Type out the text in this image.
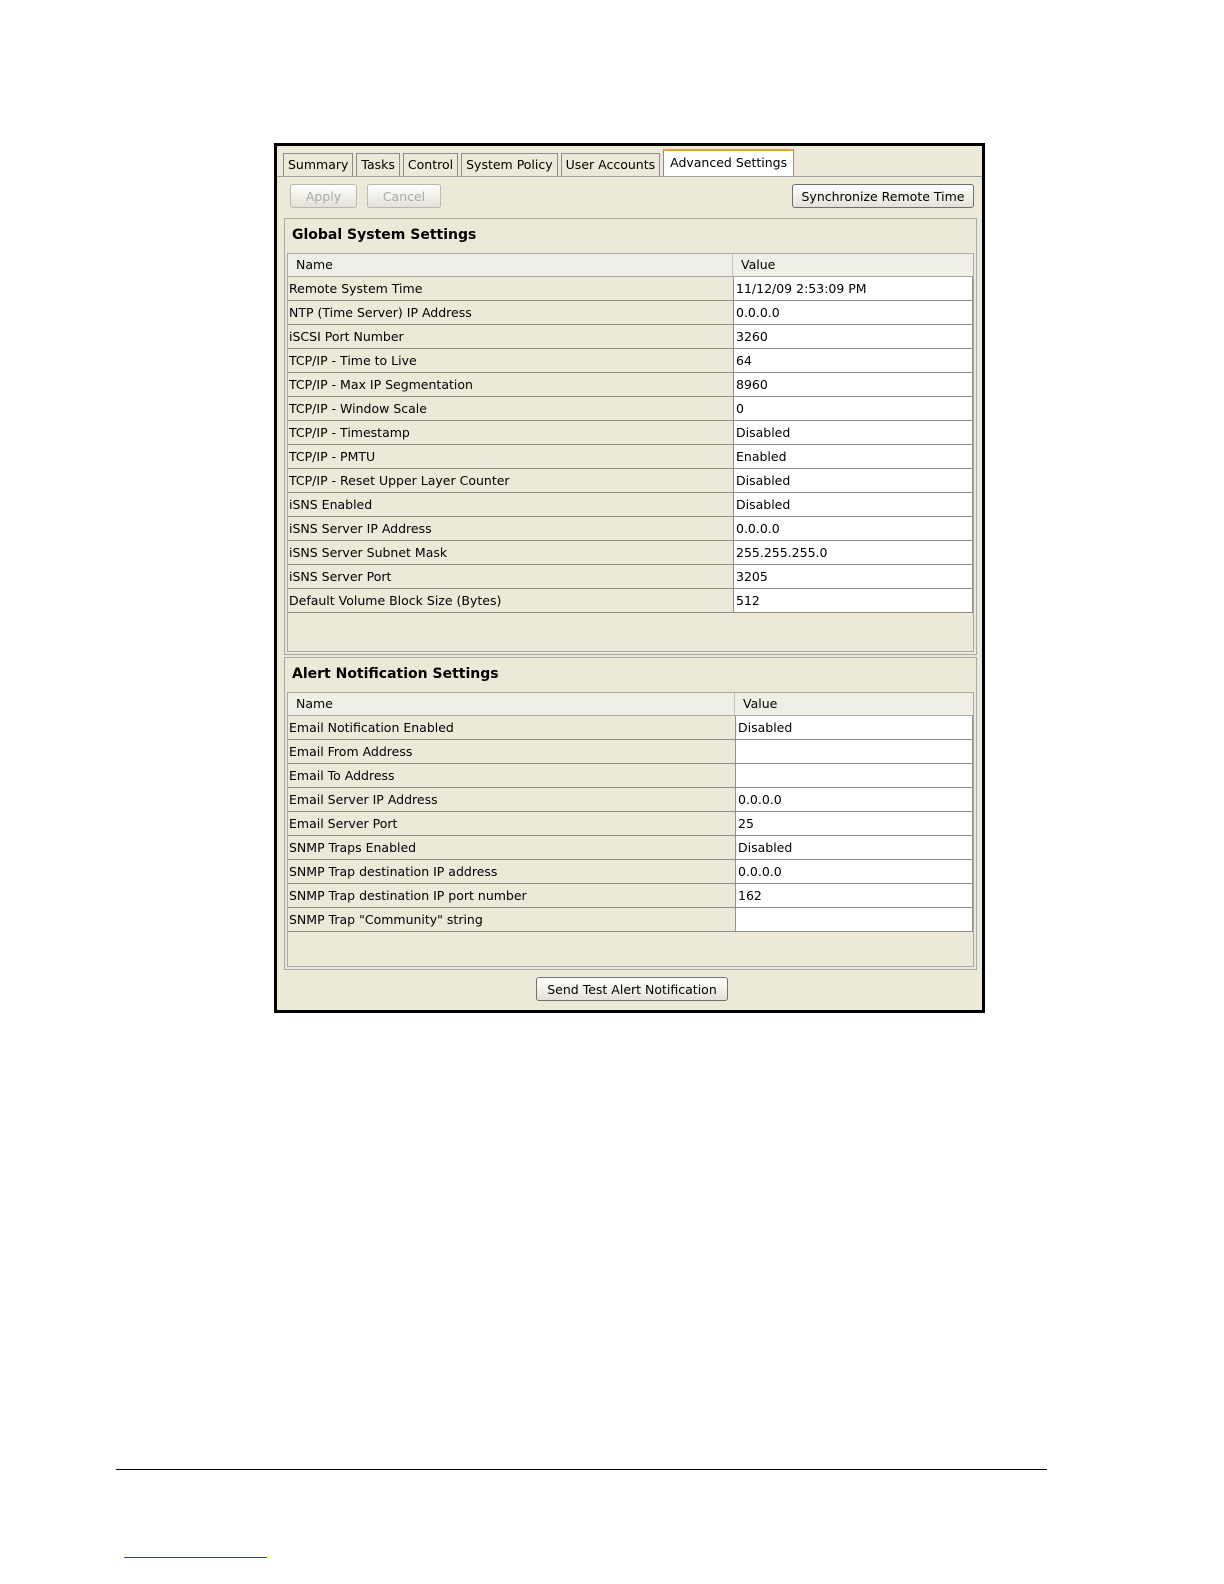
Summary	Tasks	Control	System Policy	User Accounts	Advanced Settings
Apply	Cancel	Synchronize Remote Time
Global System Settings
Name	Value
Remote System Time	11/12/09 2:53:09 PM
NTP (Time Server) IP Address	0.0.0.0
iSCSI Port Number	3260
TCP/IP - Time to Live	64
TCP/IP - Max IP Segmentation	8960
TCP/IP - Window Scale	0
TCP/IP - Timestamp	Disabled
TCP/IP - PMTU	Enabled
TCP/IP - Reset Upper Layer Counter	Disabled
iSNS Enabled	Disabled
iSNS Server IP Address	0.0.0.0
iSNS Server Subnet Mask	255.255.255.0
iSNS Server Port	3205
Default Volume Block Size (Bytes)	512
Alert Notification Settings
Name	Value
Email Notification Enabled	Disabled
Email From Address
Email To Address
Email Server IP Address	0.0.0.0
Email Server Port	25
SNMP Traps Enabled	Disabled
SNMP Trap destination IP address	0.0.0.0
SNMP Trap destination IP port number	162
SNMP Trap "Community" string
Send Test Alert Notification
